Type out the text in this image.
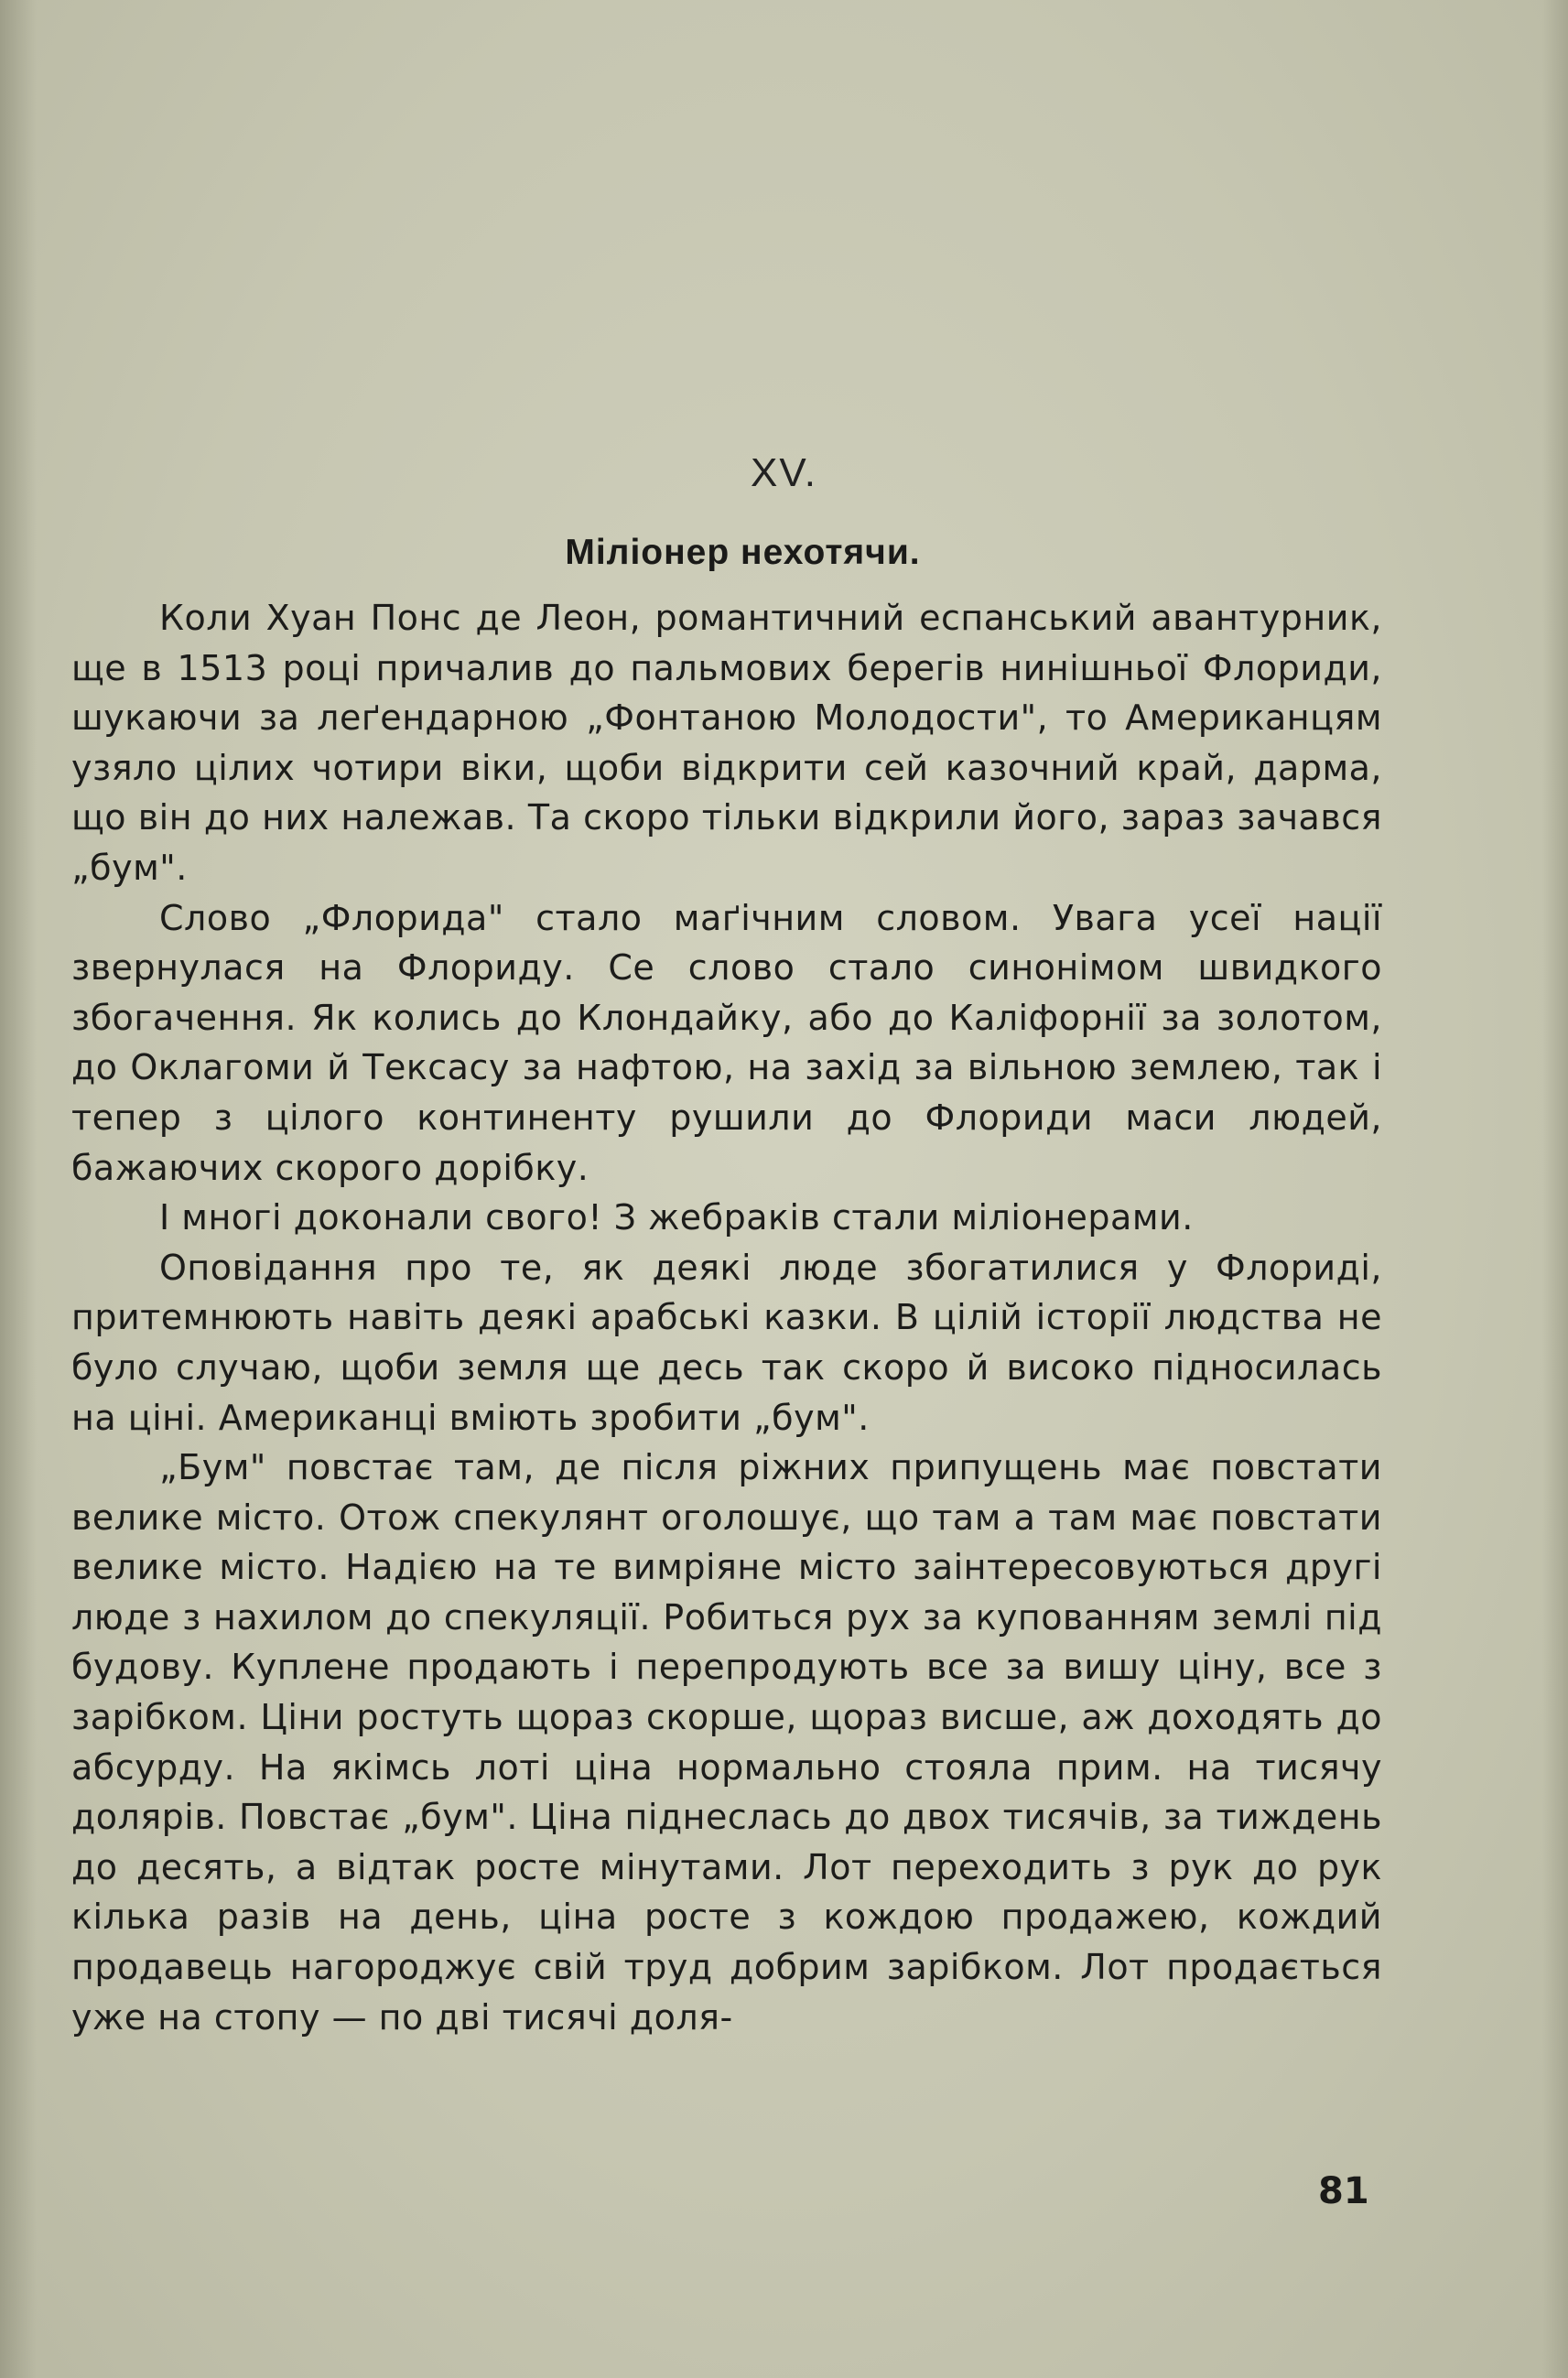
XV.
Міліонер нехотячи.

Коли Хуан Понс де Леон, романтичний еспанський авантурник, ще в 1513 році причалив до пальмових берегів нинішньої Флориди, шукаючи за леґендарною „Фонтаною Молодости", то Американцям узяло цілих чотири віки, щоби відкрити сей казочний край, дарма, що він до них належав. Та скоро тільки відкрили його, зараз зачався „бум".

Слово „Флорида" стало маґічним словом. Увага усеї нації звернулася на Флориду. Се слово стало синонімом швидкого збогачення. Як колись до Клондайку, або до Каліфорнії за золотом, до Оклагоми й Тексасу за нафтою, на захід за вільною землею, так і тепер з цілого континенту рушили до Флориди маси людей, бажаючих скорого дорібку.

І многі доконали свого! З жебраків стали міліонерами.

Оповідання про те, як деякі люде збогатилися у Флориді, притемнюють навіть деякі арабські казки. В цілій історії людства не було случаю, щоби земля ще десь так скоро й високо підносилась на ціні. Американці вміють зробити „бум".

„Бум" повстає там, де після ріжних припущень має повстати велике місто. Отож спекулянт оголошує, що там а там має повстати велике місто. Надією на те вимріяне місто заінтересовуються другі люде з нахилом до спекуляції. Робиться рух за купованням землі під будову. Куплене продають і перепродують все за вишу ціну, все з зарібком. Ціни ростуть щораз скорше, щораз висше, аж доходять до абсурду. На якімсь лоті ціна нормально стояла прим. на тисячу долярів. Повстає „бум". Ціна піднеслась до двох тисячів, за тиждень до десять, а відтак росте мінутами. Лот переходить з рук до рук кілька разів на день, ціна росте з кождою продажею, кождий продавець нагороджує свій труд добрим зарібком. Лот продається уже на стопу — по дві тисячі доля-

81
